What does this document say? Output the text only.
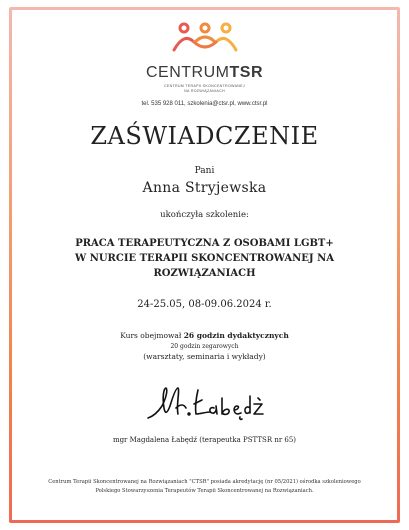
CENTRUMTSR
CENTRUM TERAPII SKONCENTROWANEJ
NA ROZWIĄZANIACH
tel. 535 928 011, szkolenia@ctsr.pl, www.ctsr.pl
ZAŚWIADCZENIE
Pani
Anna Stryjewska
ukończyła szkolenie:
PRACA TERAPEUTYCZNA Z OSOBAMI LGBT+
W NURCIE TERAPII SKONCENTROWANEJ NA
ROZWIĄZANIACH
24-25.05, 08-09.06.2024 r.
Kurs obejmował 26 godzin dydaktycznych
20 godzin zegarowych
(warsztaty, seminaria i wykłady)
mgr Magdalena Łabędź (terapeutka PSTTSR nr 65)
Centrum Terapii Skoncentrowanej na Rozwiązaniach "CTSR" posiada akredytację (nr 05/2021) ośrodka szkoleniowego
Polskiego Stowarzyszenia Terapeutów Terapii Skoncentrowanej na Rozwiązaniach.
